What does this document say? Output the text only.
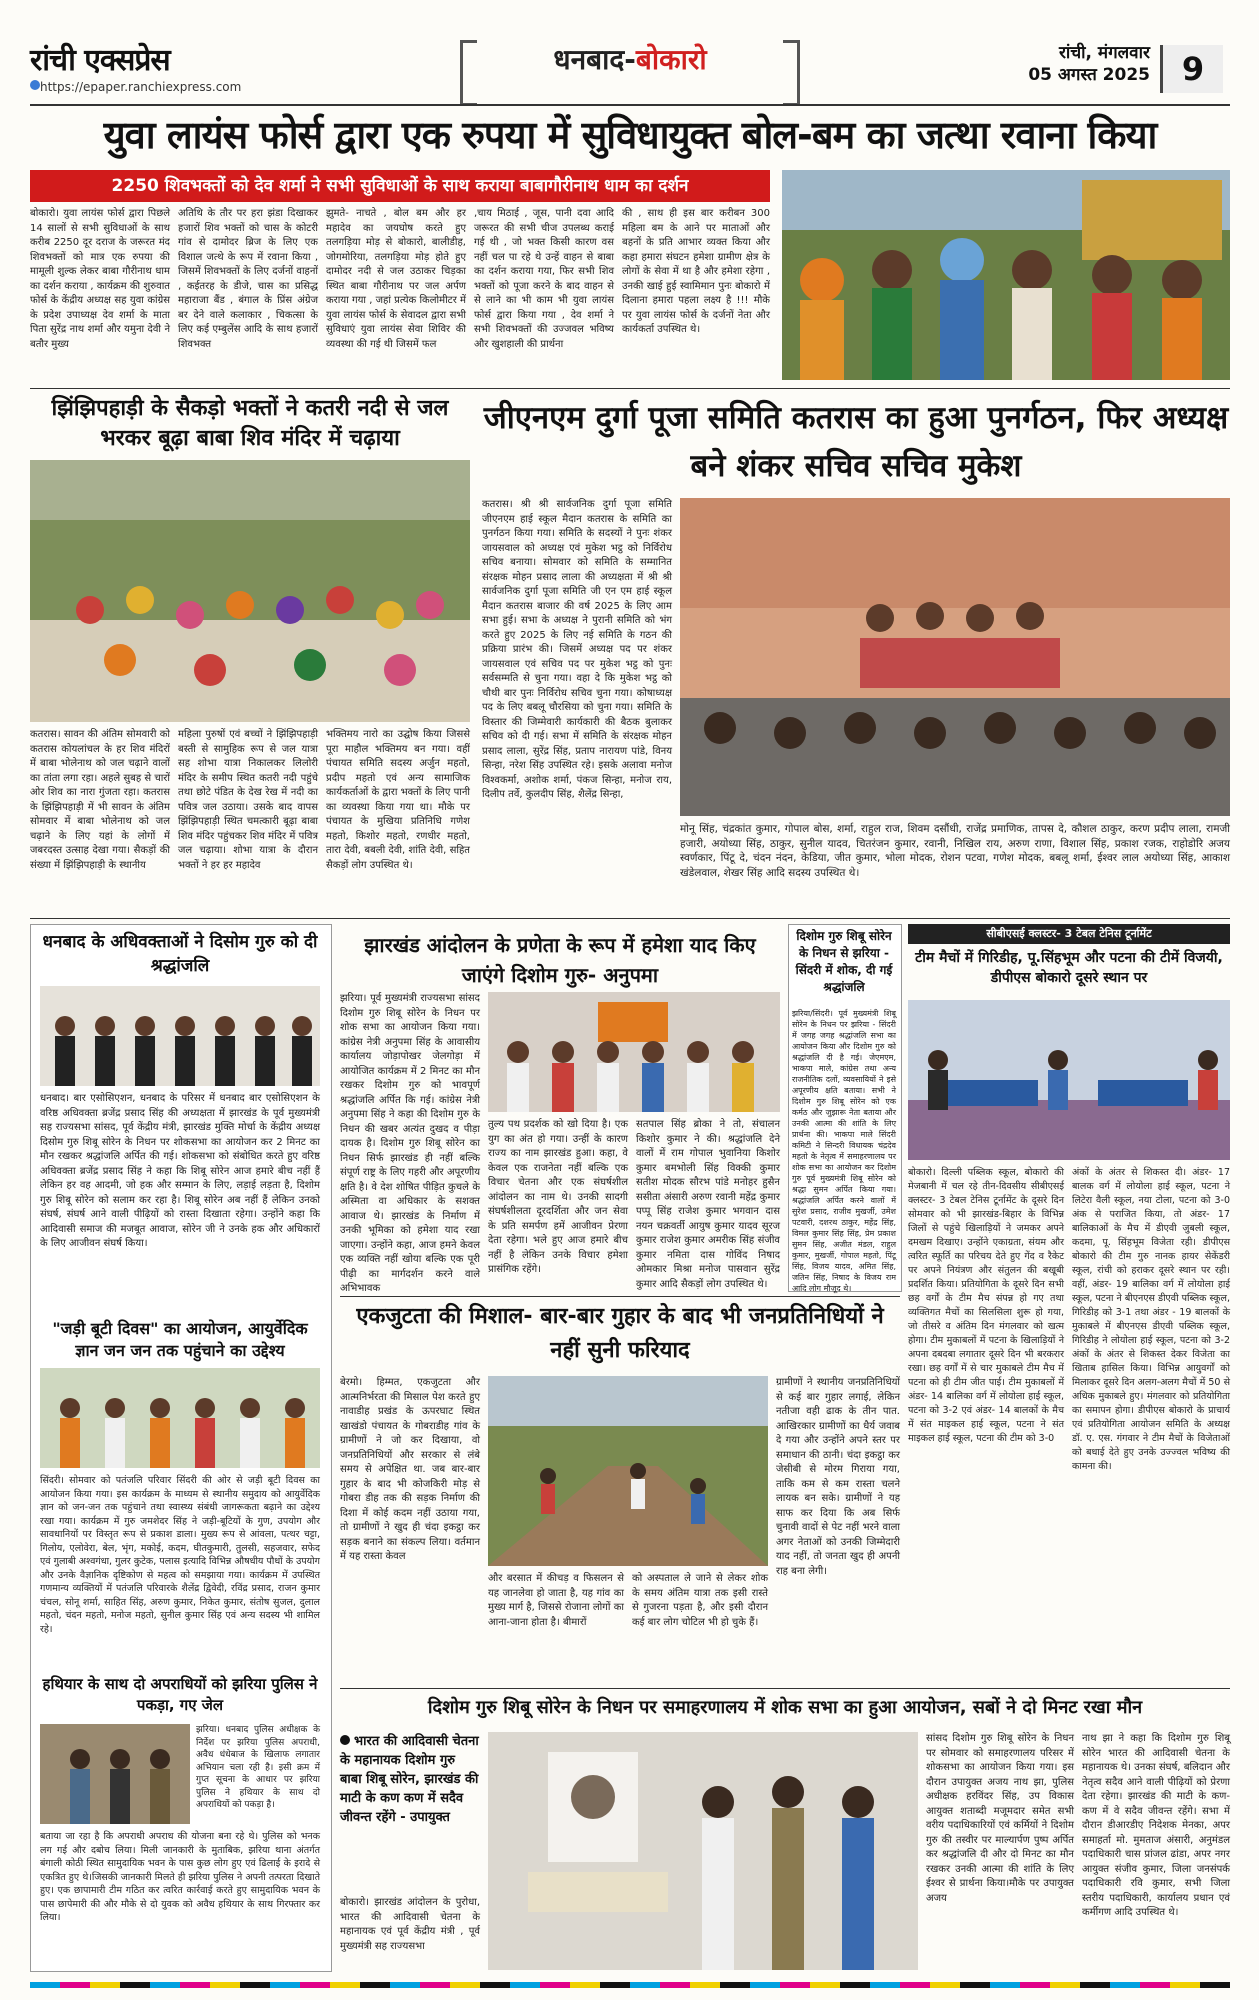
रांची एक्सप्रेस
https://epaper.ranchiexpress.com
धनबाद-बोकारो	रांची, मंगलवार
05 अगस्त 2025 9
युवा लायंस फोर्स द्वारा एक रुपया में सुविधायुक्त बोल-बम का जत्था रवाना किया
2250 शिवभक्तों को देव शर्मा ने सभी सुविधाओं के साथ कराया बाबागौरीनाथ धाम का दर्शन
बोकारो। युवा लायंस फोर्स द्वारा पिछले 14 सालों से सभी सुविधाओं के साथ करीब 2250 दूर दराज के जरूरत मंद शिवभक्तों को मात्र एक रुपया की मामूली शुल्क लेकर बाबा गौरीनाथ धाम का दर्शन कराया , कार्यक्रम की शुरुवात फोर्स के केंद्रीय अध्यक्ष सह युवा कांग्रेस के प्रदेश उपाध्यक्ष देव शर्मा के माता पिता सुरेंद्र नाथ शर्मा और यमुना देवी ने बतौर मुख्य
अतिथि के तौर पर हरा झंडा दिखाकर हजारों शिव भक्तों को चास के कोटरी गांव से दामोदर ब्रिज के लिए एक विशाल जत्थे के रूप में रवाना किया , जिसमें शिवभक्तों के लिए दर्जनों वाहनों , कईतरह के डीजे, चास का प्रसिद्ध महाराजा बैंड , बंगाल के प्रिंस अंग्रेज बर देने वाले कलाकार , चिकत्सा के लिए कई एम्बुलेंस आदि के साथ हजारों शिवभक्त
झुमते- नाचते , बोल बम और हर महादेव का जयघोष करते हुए तलगड़िया मोड़ से बोकारो, बालीडीह, जोगमोरिया, तलगड़िया मोड़ होते हुए दामोदर नदी से जल उठाकर चिड़का स्थित बाबा गौरीनाथ पर जल अर्पण कराया गया , जहां प्रत्येक किलोमीटर में युवा लायंस फोर्स के सेवादल द्वारा सभी सुविधाएं युवा लायंस सेवा शिविर की व्यवस्था की गई थी जिसमें फल
,चाय मिठाई , जूस, पानी दवा आदि जरूरत की सभी चीज उपलब्ध कराई गई थी , जो भक्त किसी कारण वस नहीं चल पा रहे थे उन्हें वाहन से बाबा का दर्शन कराया गया, फिर सभी शिव भक्तों को पूजा करने के बाद वाहन से से लाने का भी काम भी युवा लायंस फोर्स द्वारा किया गया , देव शर्मा ने सभी शिवभक्तों की उज्जवल भविष्य और खुशहाली की प्रार्थना
की , साथ ही इस बार करीबन 300 महिला बम के आने पर माताओं और बहनों के प्रति आभार व्यक्त किया और कहा हमारा संघटन हमेशा ग्रामीण क्षेत्र के लोगों के सेवा में था है और हमेशा रहेगा , उनकी खाई हुई स्वामिमान पुनः बोकारो में दिलाना हमारा पहला लक्ष्य है !!! मौके पर युवा लायंस फोर्स के दर्जनों नेता और कार्यकर्ता उपस्थित थे।
झिंझिपहाड़ी के सैकड़ो भक्तों ने कतरी नदी से जल भरकर बूढ़ा बाबा शिव मंदिर में चढ़ाया
कतरास। सावन की अंतिम सोमवारी को कतरास कोयलांचल के हर शिव मंदिरों में बाबा भोलेनाथ को जल चढ़ाने वालों का तांता लगा रहा। अहले सुबह से चारों ओर शिव का नारा गुंजता रहा। कतरास के झिंझिपहाड़ी में भी सावन के अंतिम सोमवार में बाबा भोलेनाथ को जल चढ़ाने के लिए यहां के लोगों में जबरदस्त उत्साह देखा गया। सैकड़ों की संख्या में झिंझिपहाड़ी के स्थानीय
महिला पुरुषों एवं बच्चों ने झिंझिपहाड़ी बस्ती से सामुहिक रूप से जल यात्रा सह शोभा यात्रा निकालकर लिलोरी मंदिर के समीप स्थित कतरी नदी पहुंचे तथा छोटे पंडित के देख रेख में नदी का पवित्र जल उठाया। उसके बाद वापस झिंझिपहाड़ी स्थित चमत्कारी बूढ़ा बाबा शिव मंदिर पहुंचकर शिव मंदिर में पवित्र जल चढ़ाया। शोभा यात्रा के दौरान भक्तों ने हर हर महादेव
भक्तिमय नारो का उद्घोष किया जिससे पूरा माहौल भक्तिमय बन गया। वहीं पंचायत समिति सदस्य अर्जुन महतो, प्रदीप महतो एवं अन्य सामाजिक कार्यकर्ताओं के द्वारा भक्तों के लिए पानी का व्यवस्था किया गया था। मौके पर पंचायत के मुखिया प्रतिनिधि गणेश महतो, किशोर महतो, रणधीर महतो, तारा देवी, बबली देवी, शांति देवी, सहित सैकड़ों लोग उपस्थित थे।
जीएनएम दुर्गा पूजा समिति कतरास का हुआ पुनर्गठन, फिर अध्यक्ष बने शंकर सचिव सचिव मुकेश
कतरास। श्री श्री सार्वजनिक दुर्गा पूजा समिति जीएनएम हाई स्कूल मैदान कतरास के समिति का पुनर्गठन किया गया। समिति के सदस्यों ने पुनः शंकर जायसवाल को अध्यक्ष एवं मुकेश भट्ठ को निर्विरोध सचिव बनाया। सोमवार को समिति के सम्मानित संरक्षक मोहन प्रसाद लाला की अध्यक्षता में श्री श्री सार्वजनिक दुर्गा पूजा समिति जी एन एम हाई स्कूल मैदान कतरास बाजार की वर्ष 2025 के लिए आम सभा हुई। सभा के अध्यक्ष ने पुरानी समिति को भंग करते हुए 2025 के लिए नई समिति के गठन की प्रक्रिया प्रारंभ की। जिसमें अध्यक्ष पद पर शंकर जायसवाल एवं सचिव पद पर मुकेश भट्ठ को पुनः सर्वसम्मति से चुना गया। वहा दे कि मुकेश भट्ठ को चौथी बार पुनः निर्विरोध सचिव चुना गया। कोषाध्यक्ष पद के लिए बबलू चौरसिया को चुना गया। समिति के विस्तार की जिम्मेवारी कार्यकारी की बैठक बुलाकर सचिव को दी गई। सभा में समिति के संरक्षक मोहन प्रसाद लाला, सुरेंद्र सिंह, प्रताप नारायण पांडे, विनय सिन्हा, नरेश सिंह उपस्थित रहे। इसके अलावा मनोज विश्वकर्मा, अशोक शर्मा, पंकज सिन्हा, मनोज राय, दिलीप तर्वे, कुलदीप सिंह, शैलेंद्र सिन्हा,
मोनू सिंह, चंद्रकांत कुमार, गोपाल बोस, शर्मा, राहुल राज, शिवम दसौंधी, राजेंद्र प्रमाणिक, तापस दे, कौशल ठाकुर, करण प्रदीप लाला, रामजी हजारी, अयोध्या सिंह, ठाकुर, सुनील यादव, चितरंजन कुमार, रवानी, निखिल राय, अरुण राणा, विशाल सिंह, प्रकाश रजक, राहोडोरि अजय स्वर्णकार, पिंटू दे, चंदन नंदन, केडिया, जीत कुमार, भोला मोदक, रोशन पटवा, गणेश मोदक, बबलू शर्मा, ईश्वर लाल अयोध्या सिंह, आकाश खंडेलवाल, शेखर सिंह आदि सदस्य उपस्थित थे।
धनबाद के अधिवक्ताओं ने दिसोम गुरु को दी श्रद्धांजलि
धनबाद। बार एसोसिएशन, धनबाद के परिसर में धनबाद बार एसोसिएशन के वरिष्ठ अधिवक्ता ब्रजेंद्र प्रसाद सिंह की अध्यक्षता में झारखंड के पूर्व मुख्यमंत्री सह राज्यसभा सांसद, पूर्व केंद्रीय मंत्री, झारखंड मुक्ति मोर्चा के केंद्रीय अध्यक्ष दिसोम गुरु शिबू सोरेन के निधन पर शोकसभा का आयोजन कर 2 मिनट का मौन रखकर श्रद्धांजलि अर्पित की गई। शोकसभा को संबोधित करते हुए वरिष्ठ अधिवक्ता ब्रजेंद्र प्रसाद सिंह ने कहा कि शिबू सोरेन आज हमारे बीच नहीं हैं लेकिन हर वह आदमी, जो हक और सम्मान के लिए, लड़ाई लड़ता है, दिशोम गुरु शिबू सोरेन को सलाम कर रहा है। शिबू सोरेन अब नहीं हैं लेकिन उनको संघर्ष, संघर्ष आने वाली पीढ़ियों को रास्ता दिखाता रहेगा। उन्होंने कहा कि आदिवासी समाज की मजबूत आवाज, सोरेन जी ने उनके हक और अधिकारों के लिए आजीवन संघर्ष किया।
"जड़ी बूटी दिवस" का आयोजन, आयुर्वेदिक ज्ञान जन जन तक पहुंचाने का उद्देश्य
सिंदरी। सोमवार को पतंजलि परिवार सिंदरी की ओर से जड़ी बूटी दिवस का आयोजन किया गया। इस कार्यक्रम के माध्यम से स्थानीय समुदाय को आयुर्वेदिक ज्ञान को जन-जन तक पहुंचाने तथा स्वास्थ्य संबंधी जागरूकता बढ़ाने का उद्देश्य रखा गया। कार्यक्रम में गुरु जमशेदर सिंह ने जड़ी-बूटियों के गुण, उपयोग और सावधानियों पर विस्तृत रूप से प्रकाश डाला। मुख्य रूप से आंवला, पत्थर चट्टा, गिलोय, एलोवेरा, बेल, भृंग, मकोई, कदम, घीतकुमारी, तुलसी, सहजवार, सफेद एवं गुलाबी अश्वगंधा, गुलर कुटेक, पलास इत्यादि विभिन्न औषधीय पौधों के उपयोग और उनके वैज्ञानिक दृष्टिकोण से महत्व को समझाया गया। कार्यक्रम में उपस्थित गणमान्य व्यक्तियों में पतंजलि परिवारके शैलेंद्र द्विवेदी, रविंद्र प्रसाद, राजन कुमार चंचल, सोनू शर्मा, साहित सिंह, अरुण कुमार, निकेत कुमार, संतोष सुजल, दुलाल महतो, चंदन महतो, मनोज महतो, सुनील कुमार सिंह एवं अन्य सदस्य भी शामिल रहे।
हथियार के साथ दो अपराधियों को झरिया पुलिस ने पकड़ा, गए जेल
झरिया। धनबाद पुलिस अधीक्षक के निर्देश पर झरिया पुलिस अपराधी, अवैध धंधेबाज के खिलाफ लगातार अभियान चला रही है। इसी क्रम में गुप्त सूचना के आधार पर झरिया पुलिस ने हथियार के साथ दो अपराधियों को पकड़ा है।
बताया जा रहा है कि अपराधी अपराध की योजना बना रहे थे। पुलिस को भनक लग गई और दबोच लिया। मिली जानकारी के मुताबिक, झरिया थाना अंतर्गत बंगाली कोठी स्थित सामुदायिक भवन के पास कुछ लोग हुए एवं ढिलाई के इरादे से एकत्रित हुए थे।जिसकी जानकारी मिलते ही झरिया पुलिस ने अपनी तत्परता दिखाते हुए। एक छापामारी टीम गठित कर त्वरित कार्रवाई करते हुए सामुदायिक भवन के पास छापेमारी की और मौके से दो युवक को अवैध हथियार के साथ गिरफ्तार कर लिया।
झारखंड आंदोलन के प्रणेता के रूप में हमेशा याद किए जाएंगे दिशोम गुरु- अनुपमा
झरिया। पूर्व मुख्यमंत्री राज्यसभा सांसद दिशोम गुरु शिबू सोरेन के निधन पर शोक सभा का आयोजन किया गया। कांग्रेस नेत्री अनुपमा सिंह के आवासीय कार्यालय जोड़ापोखर जेलगोड़ा में आयोजित कार्यक्रम में 2 मिनट का मौन रखकर दिशोम गुरु को भावपूर्ण श्रद्धांजलि अर्पित कि गई। कांग्रेस नेत्री अनुपमा सिंह ने कहा की दिशोम गुरु के निधन की खबर अत्यंत दुखद व पीड़ा दायक है। दिशोम गुरु शिबू सोरेन का निधन सिर्फ झारखंड ही नहीं बल्कि संपूर्ण राष्ट्र के लिए गहरी और अपूरणीय क्षति है। वे देश शोषित पीड़ित कुचले के अस्मिता वा अधिकार के सशक्त आवाज थे। झारखंड के निर्माण में उनकी भूमिका को हमेशा याद रखा जाएगा। उन्होंने कहा, आज हमने केवल एक व्यक्ति नहीं खोया बल्कि एक पूरी पीढ़ी का मार्गदर्शन करने वाले अभिभावक
तुल्य पथ प्रदर्शक को खो दिया है। एक युग का अंत हो गया। उन्हीं के कारण राज्य का नाम झारखंड हुआ। कहा, वे केवल एक राजनेता नहीं बल्कि एक विचार चेतना और एक संघर्षशील आंदोलन का नाम थे। उनकी सादगी संघर्षशीलता दूरदर्शिता और जन सेवा के प्रति समर्पण हमें आजीवन प्रेरणा देता रहेगा। भले हुए आज हमारे बीच नहीं है लेकिन उनके विचार हमेशा प्रासंगिक रहेंगे।
सतपाल सिंह ब्रोका ने तो, संचालन किशोर कुमार ने की। श्रद्धांजलि देने वालों में राम गोपाल भुवानिया किशोर कुमार बमभोली सिंह विक्की कुमार सतीश मोदक सौरभ पांडे मनोहर हुसैन ससीता अंसारी अरुण रवानी महेंद्र कुमार पप्पू सिंह राजेश कुमार भगवान दास नयन चक्रवर्ती आयुष कुमार यादव सूरज कुमार राजेश कुमार अमरीक सिंह संजीव कुमार नमिता दास गोविंद निषाद ओमकार मिश्रा मनोज पासवान सुरेंद्र कुमार आदि सैकड़ों लोग उपस्थित थे।
दिशोम गुरु शिबू सोरेन के निधन से झरिया - सिंदरी में शोक, दी गई श्रद्धांजलि
झरिया/सिंदरी। पूर्व मुख्यमंत्री शिबू सोरेन के निधन पर झरिया - सिंदरी में जगह जगह श्रद्धांजलि सभा का आयोजन किया और दिशोम गुरु को श्रद्धांजलि दी है गई। जेएमएम, भाकपा माले, कांग्रेस तथा अन्य राजनीतिक दलों, व्यवसायियों ने इसे अपूरणीय क्षति बताया। सभी ने दिशोम गुरु शिबू सोरेन को एक कर्मठ और जुझारू नेता बताया और उनकी आत्मा की शांति के लिए प्रार्थना की। भाकपा माले सिंदरी कमिटी ने सिन्दरी विधायक चंद्रदेव महतो के नेतृत्व में समाहरणालय पर शोक सभा का आयोजन कर दिशोम गुरु पूर्व मुख्यमंत्री शिबू सोरेन को श्रद्धा सुमन अर्पित किया गया। श्रद्धांजलि अर्पित करने वालों में सुरेश प्रसाद, राजीव मुखर्जी, उमेश पटवारी, दशरथ ठाकुर, महेंद्र सिंह, विमल कुमार सिंह सिंह, प्रेम प्रकाश सुमन सिंह, अजीत मंडल, राहुल कुमार, मुखर्जी, गोपाल महतो, पिंटू सिंह, विजय यादव, अमित सिंह, जतिन सिंह, निषाद के विजय राम आदि लोग मौजूद थे।
सीबीएसई क्लस्टर- 3 टेबल टेनिस टूर्नामेंट
टीम मैचों में गिरिडीह, पू.सिंहभूम और पटना की टीमें विजयी, डीपीएस बोकारो दूसरे स्थान पर
बोकारो। दिल्ली पब्लिक स्कूल, बोकारो की मेजबानी में चल रहे तीन-दिवसीय सीबीएसई क्लस्टर- 3 टेबल टेनिस टूर्नामेंट के दूसरे दिन सोमवार को भी झारखंड-बिहार के विभिन्न जिलों से पहुंचे खिलाड़ियों ने जमकर अपने दमखम दिखाए। उन्होंने एकाग्रता, संयम और त्वरित स्फूर्ति का परिचय देते हुए गेंद व रैकेट पर अपने नियंत्रण और संतुलन की बखूबी प्रदर्शित किया। प्रतियोगिता के दूसरे दिन सभी छह वर्गों के टीम मैच संपन्न हो गए तथा व्यक्तिगत मैचों का सिलसिला शुरू हो गया, जो तीसरे व अंतिम दिन मंगलवार को खत्म होगा। टीम मुकाबलों में पटना के खिलाड़ियों ने अपना दबदबा लगातार दूसरे दिन भी बरकरार रखा। छह वर्गों में से चार मुकाबले टीम मैच में पटना को ही टीम जीत पाई। टीम मुकाबलों में अंडर- 14 बालिका वर्ग में लोयोला हाई स्कूल, पटना को 3-2 एवं अंडर- 14 बालकों के मैच में संत माइकल हाई स्कूल, पटना ने संत माइकल हाई स्कूल, पटना की टीम को 3-0
अंकों के अंतर से शिकस्त दी। अंडर- 17 बालक वर्ग में लोयोला हाई स्कूल, पटना ने लिटेरा वैली स्कूल, नया टोला, पटना को 3-0 अंक से पराजित किया, तो अंडर- 17 बालिकाओं के मैच में डीएवी जुबली स्कूल, कदमा, पू. सिंहभूम विजेता रही। डीपीएस बोकारो की टीम गुरु नानक हायर सेकेंडरी स्कूल, रांची को हराकर दूसरे स्थान पर रही। वहीं, अंडर- 19 बालिका वर्ग में लोयोला हाई स्कूल, पटना ने बीएनएस डीएवी पब्लिक स्कूल, गिरिडीह को 3-1 तथा अंडर - 19 बालकों के मुकाबले में बीएनएस डीएवी पब्लिक स्कूल, गिरिडीह ने लोयोला हाई स्कूल, पटना को 3-2 अंकों के अंतर से शिकस्त देकर विजेता का खिताब हासिल किया। विभिन्न आयुवर्गों को मिलाकर दूसरे दिन अलग-अलग मैचों में 50 से अधिक मुकाबले हुए। मंगलवार को प्रतियोगिता का समापन होगा। डीपीएस बोकारो के प्राचार्य एवं प्रतियोगिता आयोजन समिति के अध्यक्ष डॉ. ए. एस. गंगवार ने टीम मैचों के विजेताओं को बधाई देते हुए उनके उज्ज्वल भविष्य की कामना की।
एकजुटता की मिशाल- बार-बार गुहार के बाद भी जनप्रतिनिधियों ने नहीं सुनी फरियाद
बेरमो। हिम्मत, एकजुटता और आत्मनिर्भरता की मिसाल पेश करते हुए नावाडीह प्रखंड के ऊपरघाट स्थित खाखंडो पंचायत के गोबराडीह गांव के ग्रामीणों ने जो कर दिखाया, वो जनप्रतिनिधियों और सरकार से लंबे समय से अपेक्षित था. जब बार-बार गुहार के बाद भी कोजकिरी मोड़ से गोबरा डीह तक की सड़क निर्माण की दिशा में कोई कदम नहीं उठाया गया, तो ग्रामीणों ने खुद ही चंदा इकट्ठा कर सड़क बनाने का संकल्प लिया। वर्तमान में यह रास्ता केवल
ग्रामीणों ने स्थानीय जनप्रतिनिधियों से कई बार गुहार लगाई, लेकिन नतीजा वही ढाक के तीन पात. आखिरकार ग्रामीणों का धैर्य जवाब दे गया और उन्होंने अपने स्तर पर समाधान की ठानी। चंदा इकट्ठा कर जेसीबी से मोरम गिराया गया, ताकि कम से कम रास्ता चलने लायक बन सके। ग्रामीणों ने यह साफ कर दिया कि अब सिर्फ चुनावी वादों से पेट नहीं भरने वाला अगर नेताओं को उनकी जिम्मेदारी याद नहीं, तो जनता खुद ही अपनी राह बना लेगी।
और बरसात में कीचड़ व फिसलन से यह जानलेवा हो जाता है, यह गांव का मुख्य मार्ग है, जिससे रोजाना लोगों का आना-जाना होता है। बीमारों
को अस्पताल ले जाने से लेकर शोक के समय अंतिम यात्रा तक इसी रास्ते से गुजरना पड़ता है, और इसी दौरान कई बार लोग चोटिल भी हो चुके हैं।
दिशोम गुरु शिबू सोरेन के निधन पर समाहरणालय में शोक सभा का हुआ आयोजन, सबों ने दो मिनट रखा मौन
भारत की आदिवासी चेतना के महानायक दिशोम गुरु बाबा शिबू सोरेन, झारखंड की माटी के कण कण में सदैव जीवन्त रहेंगे - उपायुक्त
बोकारो। झारखंड आंदोलन के पुरोधा, भारत की आदिवासी चेतना के महानायक एवं पूर्व केंद्रीय मंत्री , पूर्व मुख्यमंत्री सह राज्यसभा
सांसद दिशोम गुरु शिबू सोरेन के निधन पर सोमवार को समाहरणालय परिसर में शोकसभा का आयोजन किया गया। इस दौरान उपायुक्त अजय नाथ झा, पुलिस अधीक्षक हरविंदर सिंह, उप विकास आयुक्त शताब्दी मजूमदार समेत सभी वरीय पदाधिकारियों एवं कर्मियों ने दिशोम गुरु की तस्वीर पर माल्यार्पण पुष्प अर्पित कर श्रद्धांजलि दी और दो मिनट का मौन रखकर उनकी आत्मा की शांति के लिए ईश्वर से प्रार्थना किया।मौके पर उपायुक्त अजय
नाथ झा ने कहा कि दिशोम गुरु शिबू सोरेन भारत की आदिवासी चेतना के महानायक थे। उनका संघर्ष, बलिदान और नेतृत्व सदैव आने वाली पीढ़ियों को प्रेरणा देता रहेगा। झारखंड की माटी के कण-कण में वे सदैव जीवन्त रहेंगे। सभा में दौरान डीआरडीए निदेशक मेनका, अपर समाहर्ता मो. मुमताज अंसारी, अनुमंडल पदाधिकारी चास प्रांजल ढांडा, अपर नगर आयुक्त संजीव कुमार, जिला जनसंपर्क पदाधिकारी रवि कुमार, सभी जिला स्तरीय पदाधिकारी, कार्यालय प्रधान एवं कर्मीगण आदि उपस्थित थे।
